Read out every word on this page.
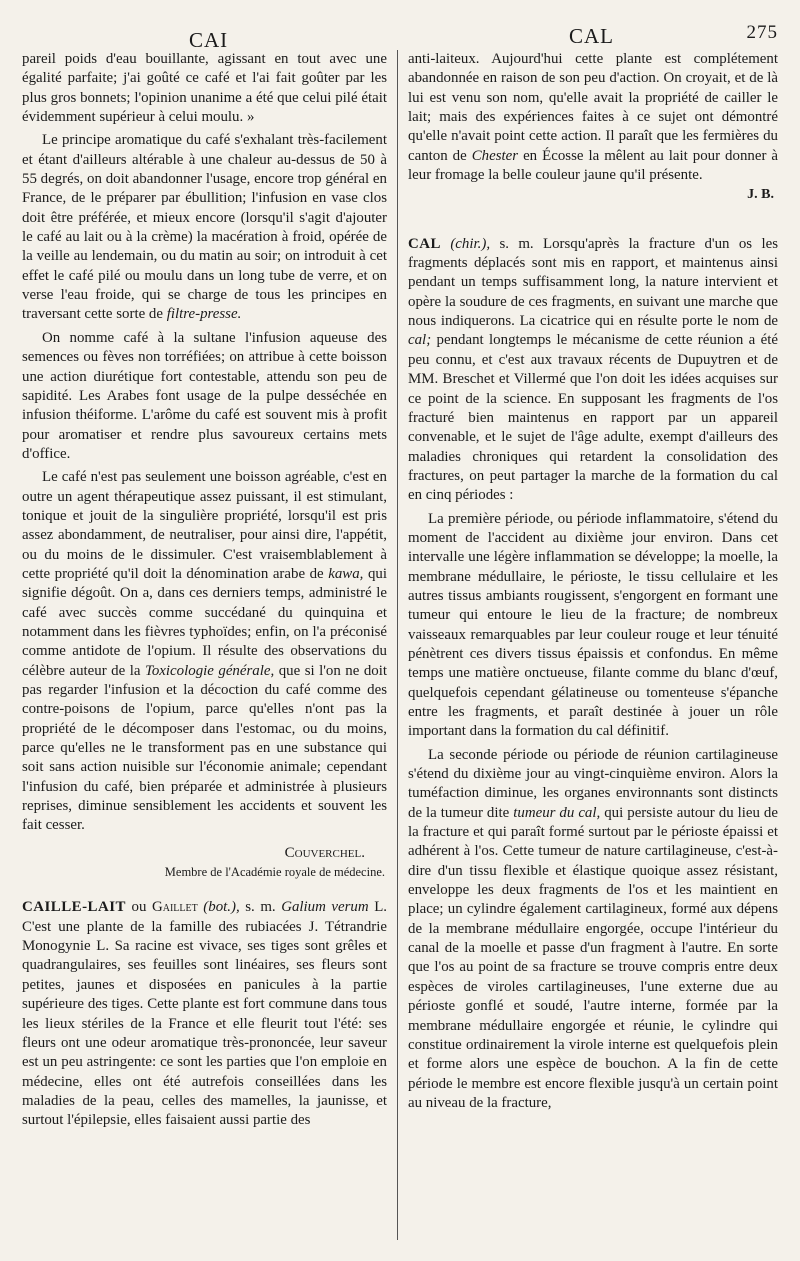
CAI	CAL	275

pareil poids d'eau bouillante, agissant en tout avec une égalité parfaite; j'ai goûté ce café et l'ai fait goûter par les plus gros bonnets; l'opinion unanime a été que celui pilé était évidemment supérieur à celui moulu. »

Le principe aromatique du café s'exhalant très-facilement et étant d'ailleurs altérable à une chaleur au-dessus de 50 à 55 degrés, on doit abandonner l'usage, encore trop général en France, de le préparer par ébullition; l'infusion en vase clos doit être préférée, et mieux encore (lorsqu'il s'agit d'ajouter le café au lait ou à la crème) la macération à froid, opérée de la veille au lendemain, ou du matin au soir; on introduit à cet effet le café pilé ou moulu dans un long tube de verre, et on verse l'eau froide, qui se charge de tous les principes en traversant cette sorte de filtre-presse.

On nomme café à la sultane l'infusion aqueuse des semences ou fèves non torréfiées; on attribue à cette boisson une action diurétique fort contestable, attendu son peu de sapidité. Les Arabes font usage de la pulpe desséchée en infusion théiforme. L'arôme du café est souvent mis à profit pour aromatiser et rendre plus savoureux certains mets d'office.

Le café n'est pas seulement une boisson agréable, c'est en outre un agent thérapeutique assez puissant, il est stimulant, tonique et jouit de la singulière propriété, lorsqu'il est pris assez abondamment, de neutraliser, pour ainsi dire, l'appétit, ou du moins de le dissimuler. C'est vraisemblablement à cette propriété qu'il doit la dénomination arabe de kawa, qui signifie dégoût. On a, dans ces derniers temps, administré le café avec succès comme succédané du quinquina et notamment dans les fièvres typhoïdes; enfin, on l'a préconisé comme antidote de l'opium. Il résulte des observations du célèbre auteur de la Toxicologie générale, que si l'on ne doit pas regarder l'infusion et la décoction du café comme des contre-poisons de l'opium, parce qu'elles n'ont pas la propriété de le décomposer dans l'estomac, ou du moins, parce qu'elles ne le transforment pas en une substance qui soit sans action nuisible sur l'économie animale; cependant l'infusion du café, bien préparée et administrée à plusieurs reprises, diminue sensiblement les accidents et souvent les fait cesser.

Couverchel.

Membre de l'Académie royale de médecine.

CAILLE-LAIT ou Gaillet (bot.), s. m. Galium verum L. C'est une plante de la famille des rubiacées J. Tétrandrie Monogynie L. Sa racine est vivace, ses tiges sont grêles et quadrangulaires, ses feuilles sont linéaires, ses fleurs sont petites, jaunes et disposées en panicules à la partie supérieure des tiges. Cette plante est fort commune dans tous les lieux stériles de la France et elle fleurit tout l'été: ses fleurs ont une odeur aromatique très-prononcée, leur saveur est un peu astringente: ce sont les parties que l'on emploie en médecine, elles ont été autrefois conseillées dans les maladies de la peau, celles des mamelles, la jaunisse, et surtout l'épilepsie, elles faisaient aussi partie des

anti-laiteux. Aujourd'hui cette plante est complétement abandonnée en raison de son peu d'action. On croyait, et de là lui est venu son nom, qu'elle avait la propriété de cailler le lait; mais des expériences faites à ce sujet ont démontré qu'elle n'avait point cette action. Il paraît que les fermières du canton de Chester en Écosse la mêlent au lait pour donner à leur fromage la belle couleur jaune qu'il présente.

J. B.

CAL (chir.), s. m. Lorsqu'après la fracture d'un os les fragments déplacés sont mis en rapport, et maintenus ainsi pendant un temps suffisamment long, la nature intervient et opère la soudure de ces fragments, en suivant une marche que nous indiquerons. La cicatrice qui en résulte porte le nom de cal; pendant longtemps le mécanisme de cette réunion a été peu connu, et c'est aux travaux récents de Dupuytren et de MM. Breschet et Villermé que l'on doit les idées acquises sur ce point de la science. En supposant les fragments de l'os fracturé bien maintenus en rapport par un appareil convenable, et le sujet de l'âge adulte, exempt d'ailleurs des maladies chroniques qui retardent la consolidation des fractures, on peut partager la marche de la formation du cal en cinq périodes :

La première période, ou période inflammatoire, s'étend du moment de l'accident au dixième jour environ. Dans cet intervalle une légère inflammation se développe; la moelle, la membrane médullaire, le périoste, le tissu cellulaire et les autres tissus ambiants rougissent, s'engorgent en formant une tumeur qui entoure le lieu de la fracture; de nombreux vaisseaux remarquables par leur couleur rouge et leur ténuité pénètrent ces divers tissus épaissis et confondus. En même temps une matière onctueuse, filante comme du blanc d'œuf, quelquefois cependant gélatineuse ou tomenteuse s'épanche entre les fragments, et paraît destinée à jouer un rôle important dans la formation du cal définitif.

La seconde période ou période de réunion cartilagineuse s'étend du dixième jour au vingt-cinquième environ. Alors la tuméfaction diminue, les organes environnants sont distincts de la tumeur dite tumeur du cal, qui persiste autour du lieu de la fracture et qui paraît formé surtout par le périoste épaissi et adhérent à l'os. Cette tumeur de nature cartilagineuse, c'est-à-dire d'un tissu flexible et élastique quoique assez résistant, enveloppe les deux fragments de l'os et les maintient en place; un cylindre également cartilagineux, formé aux dépens de la membrane médullaire engorgée, occupe l'intérieur du canal de la moelle et passe d'un fragment à l'autre. En sorte que l'os au point de sa fracture se trouve compris entre deux espèces de viroles cartilagineuses, l'une externe due au périoste gonflé et soudé, l'autre interne, formée par la membrane médullaire engorgée et réunie, le cylindre qui constitue ordinairement la virole interne est quelquefois plein et forme alors une espèce de bouchon. A la fin de cette période le membre est encore flexible jusqu'à un certain point au niveau de la fracture,
